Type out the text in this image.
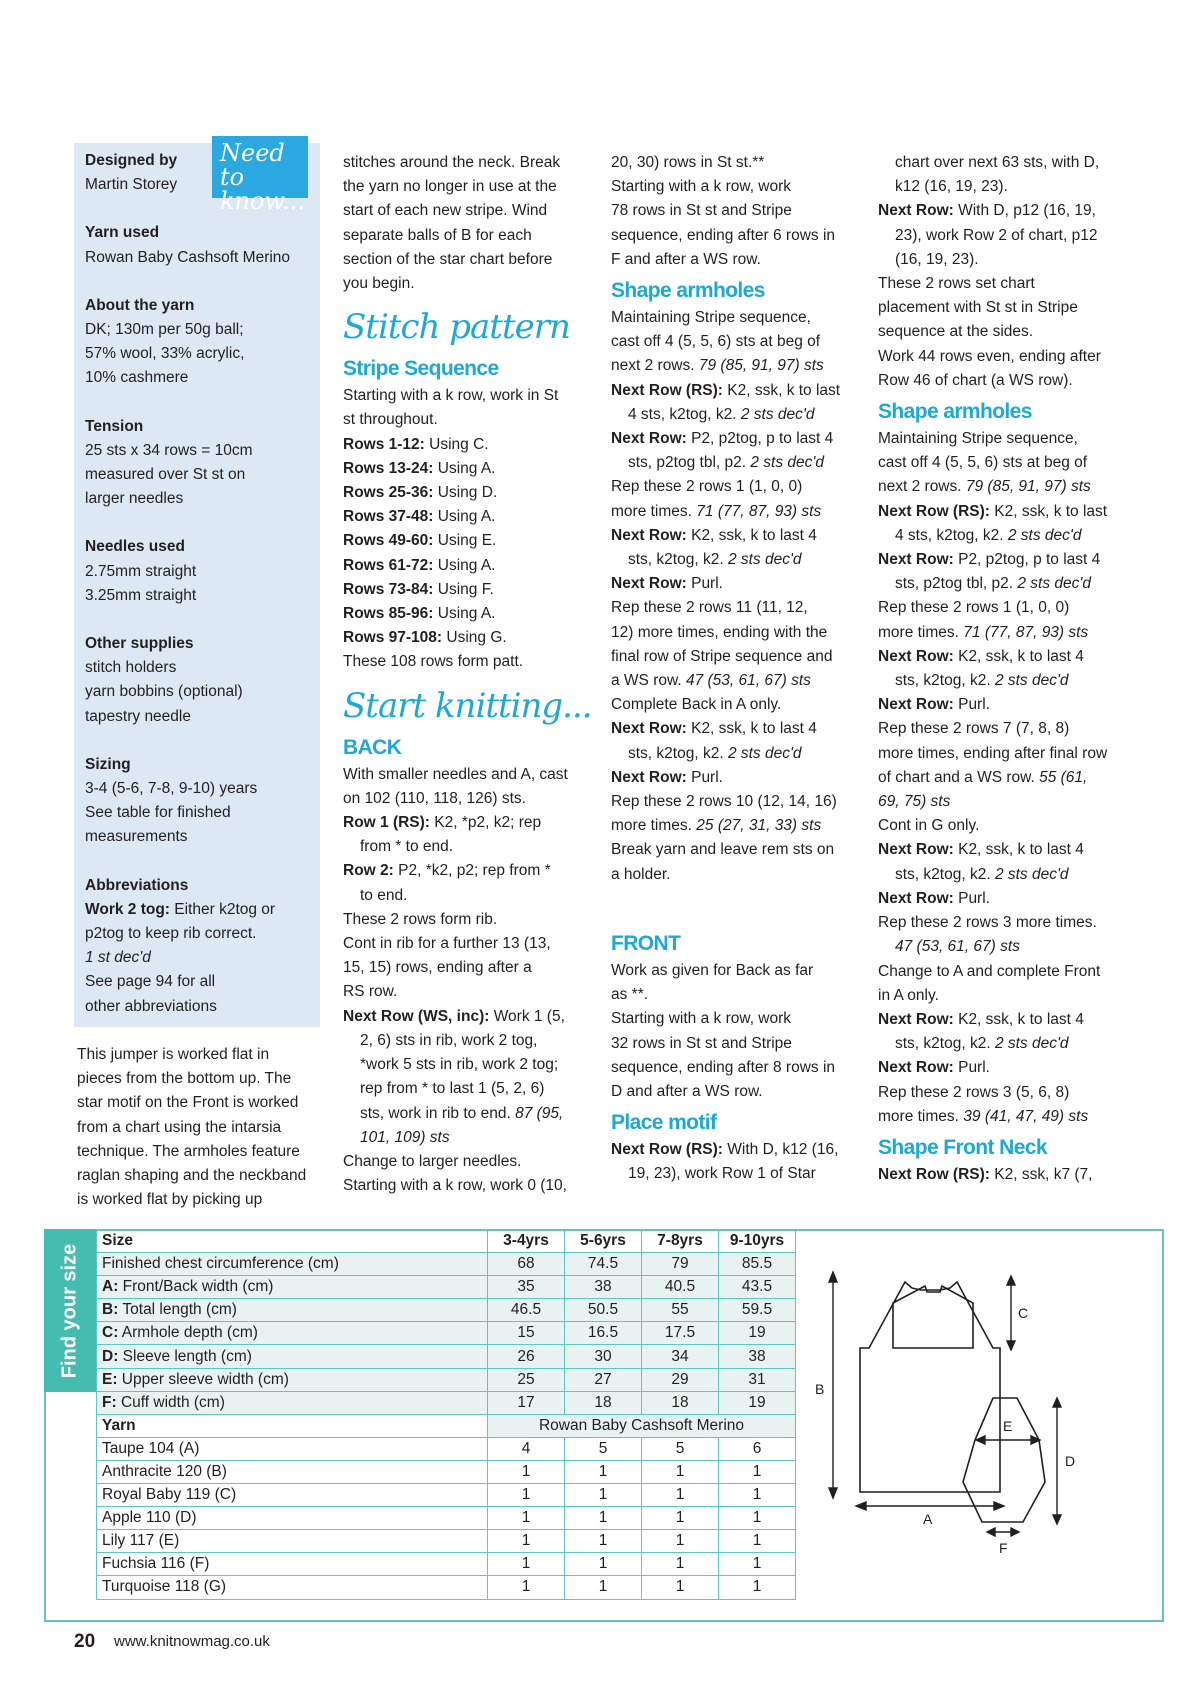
Designed by
Martin Storey
Yarn used
Rowan Baby Cashsoft Merino
About the yarn
DK; 130m per 50g ball;
57% wool, 33% acrylic,
10% cashmere
Tension
25 sts x 34 rows = 10cm
measured over St st on
larger needles
Needles used
2.75mm straight
3.25mm straight
Other supplies
stitch holders
yarn bobbins (optional)
tapestry needle
Sizing
3-4 (5-6, 7-8, 9-10) years
See table for finished
measurements
Abbreviations
Work 2 tog: Either k2tog or
p2tog to keep rib correct.
1 st dec'd
See page 94 for all
other abbreviations
Need to know...
This jumper is worked flat in
pieces from the bottom up. The
star motif on the Front is worked
from a chart using the intarsia
technique. The armholes feature
raglan shaping and the neckband
is worked flat by picking up
stitches around the neck. Break
the yarn no longer in use at the
start of each new stripe. Wind
separate balls of B for each
section of the star chart before
you begin.
Stitch pattern
Stripe Sequence
Starting with a k row, work in St
st throughout.
Rows 1-12: Using C.
Rows 13-24: Using A.
Rows 25-36: Using D.
Rows 37-48: Using A.
Rows 49-60: Using E.
Rows 61-72: Using A.
Rows 73-84: Using F.
Rows 85-96: Using A.
Rows 97-108: Using G.
These 108 rows form patt.
Start knitting...
BACK
With smaller needles and A, cast
on 102 (110, 118, 126) sts.
Row 1 (RS): K2, *p2, k2; rep
from * to end.
Row 2: P2, *k2, p2; rep from *
to end.
These 2 rows form rib.
Cont in rib for a further 13 (13,
15, 15) rows, ending after a
RS row.
Next Row (WS, inc): Work 1 (5,
2, 6) sts in rib, work 2 tog,
*work 5 sts in rib, work 2 tog;
rep from * to last 1 (5, 2, 6)
sts, work in rib to end. 87 (95,
101, 109) sts
Change to larger needles.
Starting with a k row, work 0 (10,
20, 30) rows in St st.**
Starting with a k row, work
78 rows in St st and Stripe
sequence, ending after 6 rows in
F and after a WS row.
Shape armholes
Maintaining Stripe sequence,
cast off 4 (5, 5, 6) sts at beg of
next 2 rows. 79 (85, 91, 97) sts
Next Row (RS): K2, ssk, k to last
4 sts, k2tog, k2. 2 sts dec'd
Next Row: P2, p2tog, p to last 4
sts, p2tog tbl, p2. 2 sts dec'd
Rep these 2 rows 1 (1, 0, 0)
more times. 71 (77, 87, 93) sts
Next Row: K2, ssk, k to last 4
sts, k2tog, k2. 2 sts dec'd
Next Row: Purl.
Rep these 2 rows 11 (11, 12,
12) more times, ending with the
final row of Stripe sequence and
a WS row. 47 (53, 61, 67) sts
Complete Back in A only.
Next Row: K2, ssk, k to last 4
sts, k2tog, k2. 2 sts dec'd
Next Row: Purl.
Rep these 2 rows 10 (12, 14, 16)
more times. 25 (27, 31, 33) sts
Break yarn and leave rem sts on
a holder.
FRONT
Work as given for Back as far
as **.
Starting with a k row, work
32 rows in St st and Stripe
sequence, ending after 8 rows in
D and after a WS row.
Place motif
Next Row (RS): With D, k12 (16,
19, 23), work Row 1 of Star
chart over next 63 sts, with D,
k12 (16, 19, 23).
Next Row: With D, p12 (16, 19,
23), work Row 2 of chart, p12
(16, 19, 23).
These 2 rows set chart
placement with St st in Stripe
sequence at the sides.
Work 44 rows even, ending after
Row 46 of chart (a WS row).
Shape armholes
Maintaining Stripe sequence,
cast off 4 (5, 5, 6) sts at beg of
next 2 rows. 79 (85, 91, 97) sts
Next Row (RS): K2, ssk, k to last
4 sts, k2tog, k2. 2 sts dec'd
Next Row: P2, p2tog, p to last 4
sts, p2tog tbl, p2. 2 sts dec'd
Rep these 2 rows 1 (1, 0, 0)
more times. 71 (77, 87, 93) sts
Next Row: K2, ssk, k to last 4
sts, k2tog, k2. 2 sts dec'd
Next Row: Purl.
Rep these 2 rows 7 (7, 8, 8)
more times, ending after final row
of chart and a WS row. 55 (61,
69, 75) sts
Cont in G only.
Next Row: K2, ssk, k to last 4
sts, k2tog, k2. 2 sts dec'd
Next Row: Purl.
Rep these 2 rows 3 more times.
47 (53, 61, 67) sts
Change to A and complete Front
in A only.
Next Row: K2, ssk, k to last 4
sts, k2tog, k2. 2 sts dec'd
Next Row: Purl.
Rep these 2 rows 3 (5, 6, 8)
more times. 39 (41, 47, 49) sts
Shape Front Neck
Next Row (RS): K2, ssk, k7 (7,
Find your size
Size	3-4yrs	5-6yrs	7-8yrs	9-10yrs
Finished chest circumference (cm)	68	74.5	79	85.5
A: Front/Back width (cm)	35	38	40.5	43.5
B: Total length (cm)	46.5	50.5	55	59.5
C: Armhole depth (cm)	15	16.5	17.5	19
D: Sleeve length (cm)	26	30	34	38
E: Upper sleeve width (cm)	25	27	29	31
F: Cuff width (cm)	17	18	18	19
Yarn	Rowan Baby Cashsoft Merino			
Taupe 104 (A)	4	5	5	6
Anthracite 120 (B)	1	1	1	1
Royal Baby 119 (C)	1	1	1	1
Apple 110 (D)	1	1	1	1
Lily 117 (E)	1	1	1	1
Fuchsia 116 (F)	1	1	1	1
Turquoise 118 (G)	1	1	1	1
B
A
C
D
E
F
20 www.knitnowmag.co.uk
